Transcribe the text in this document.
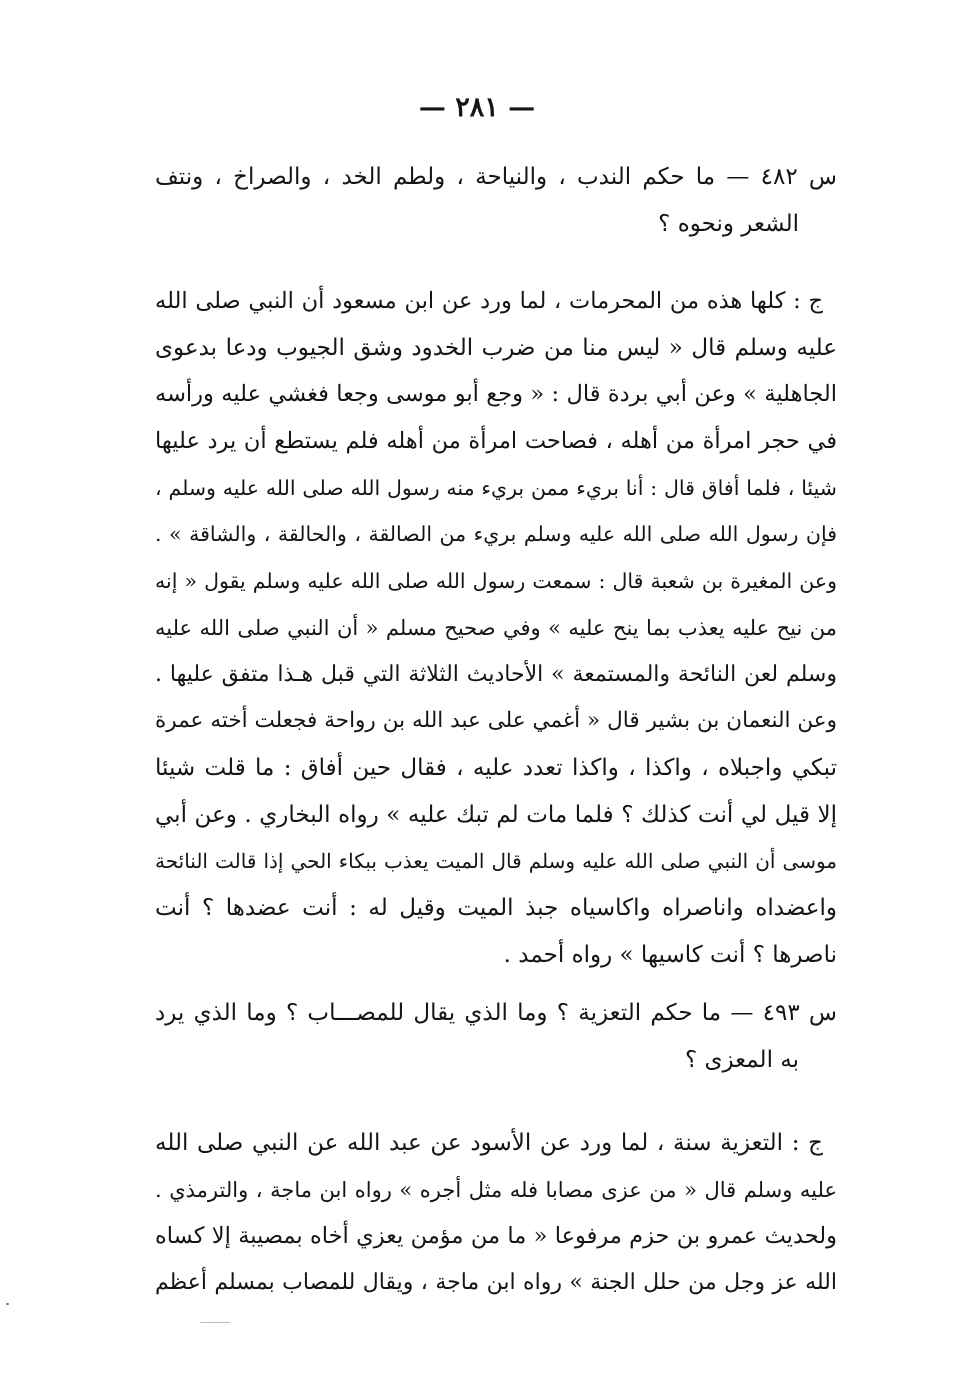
— ٢٨١ —
س ٤٨٢ — ما حكم الندب ، والنياحة ، ولطم الخد ، والصراخ ، ونتف
الشعر ونحوه ؟
ج : كلها هذه من المحرمات ، لما ورد عن ابن مسعود أن النبي صلى الله
عليه وسلم قال « ليس منا من ضرب الخدود وشق الجيوب ودعا بدعوى
الجاهلية » وعن أبي بردة قال : « وجع أبو موسى وجعا فغشي عليه ورأسه
في حجر امرأة من أهله ، فصاحت امرأة من أهله فلم يستطع أن يرد عليها
شيئا ، فلما أفاق قال : أنا بريء ممن بريء منه رسول الله صلى الله عليه وسلم ،
فإن رسول الله صلى الله عليه وسلم بريء من الصالقة ، والحالقة ، والشاقة » .
وعن المغيرة بن شعبة قال : سمعت رسول الله صلى الله عليه وسلم يقول « إنه
من نيح عليه يعذب بما ينح عليه » وفي صحيح مسلم « أن النبي صلى الله عليه
وسلم لعن النائحة والمستمعة » الأحاديث الثلاثة التي قبل هـذا متفق عليها .
وعن النعمان بن بشير قال « أغمي على عبد الله بن رواحة فجعلت أخته عمرة
تبكي واجبلاه ، واكذا ، واكذا تعدد عليه ، فقال حين أفاق : ما قلت شيئا
إلا قيل لي أنت كذلك ؟ فلما مات لم تبك عليه » رواه البخاري . وعن أبي
موسى أن النبي صلى الله عليه وسلم قال الميت يعذب ببكاء الحي إذا قالت النائحة
واعضداه واناصراه واكاسياه جبذ الميت وقيل له : أنت عضدها ؟ أنت
ناصرها ؟ أنت كاسيها » رواه أحمد .
س ٤٩٣ — ما حكم التعزية ؟ وما الذي يقال للمصـــاب ؟ وما الذي يرد
به المعزى ؟
ج : التعزية سنة ، لما ورد عن الأسود عن عبد الله عن النبي صلى الله
عليه وسلم قال « من عزى مصابا فله مثل أجره » رواه ابن ماجة ، والترمذي .
ولحديث عمرو بن حزم مرفوعا « ما من مؤمن يعزي أخاه بمصيبة إلا كساه
الله عز وجل من حلل الجنة » رواه ابن ماجة ، ويقال للمصاب بمسلم أعظم
